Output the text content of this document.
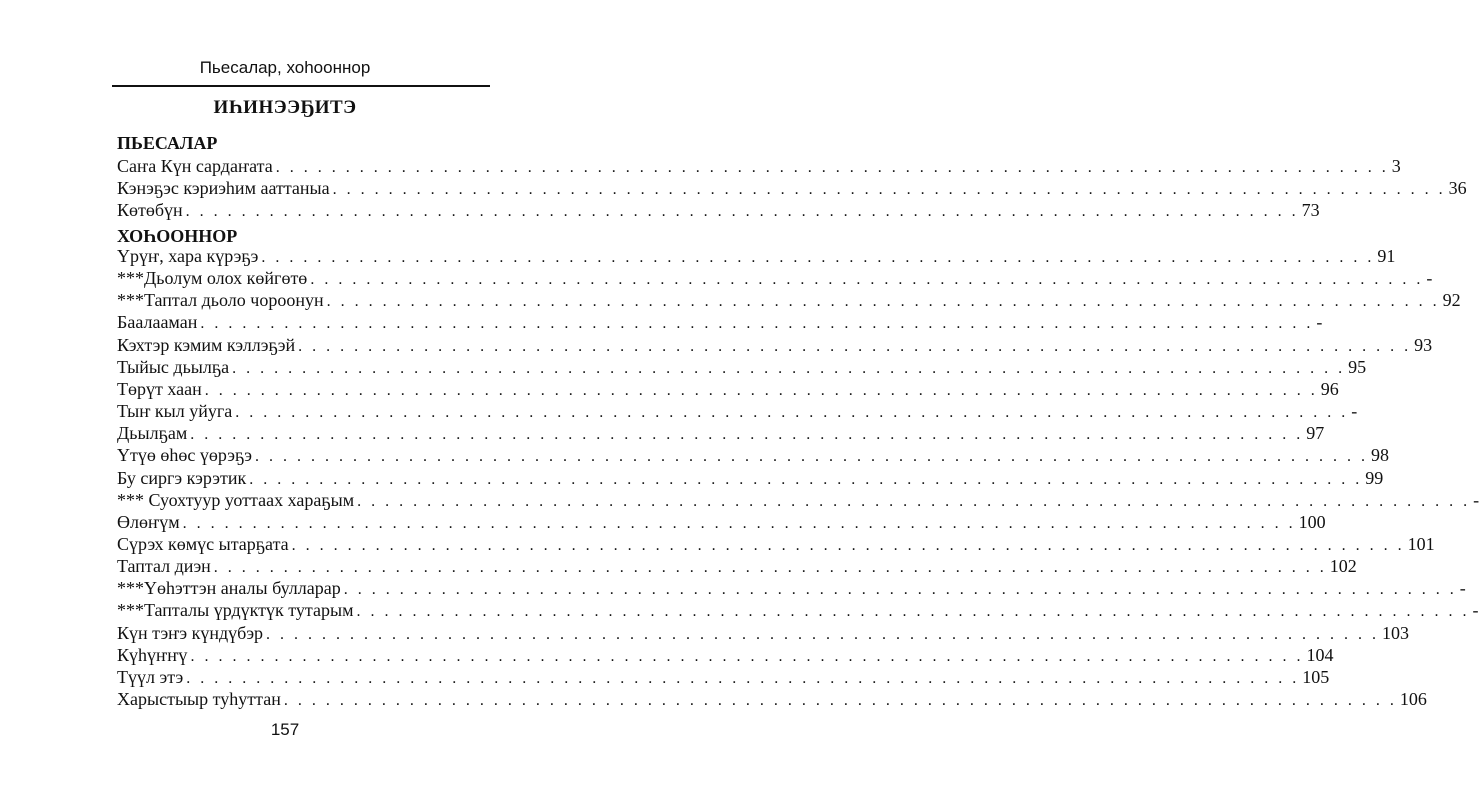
Пьесалар, хоһооннор
ИҺИНЭЭҔИТЭ
ПЬЕСАЛАР
Саҥа Күн сардаҥата . . . . . . . . . . . . . . . . . . . . . . . . . . . . . . . . . . . . . . . . . . . . . . . . . . . . . . . . . . . . . . . . . . . . . . . . . . . . . . . . 3
Кэнэҕэс кэриэһим ааттаныа . . . . . . . . . . . . . . . . . . . . . . . . . . . . . . . . . . . . . . . . . . . . . . . . . . . . . . . . . . . . . . . . . . . . . . . . . . . . . . . . 36
Көтөбүн . . . . . . . . . . . . . . . . . . . . . . . . . . . . . . . . . . . . . . . . . . . . . . . . . . . . . . . . . . . . . . . . . . . . . . . . . . . . . . . . 73
ХОҺООННОР
Үрүҥ, хара күрэҕэ . . . . . . . . . . . . . . . . . . . . . . . . . . . . . . . . . . . . . . . . . . . . . . . . . . . . . . . . . . . . . . . . . . . . . . . . . . . . . . . . 91
***Дьолум олох көйгөтө . . . . . . . . . . . . . . . . . . . . . . . . . . . . . . . . . . . . . . . . . . . . . . . . . . . . . . . . . . . . . . . . . . . . . . . . . . . . . . . . -
***Таптал дьоло чороонун . . . . . . . . . . . . . . . . . . . . . . . . . . . . . . . . . . . . . . . . . . . . . . . . . . . . . . . . . . . . . . . . . . . . . . . . . . . . . . . . 92
Баалааман . . . . . . . . . . . . . . . . . . . . . . . . . . . . . . . . . . . . . . . . . . . . . . . . . . . . . . . . . . . . . . . . . . . . . . . . . . . . . . . . -
Кэхтэр кэмим кэллэҕэй . . . . . . . . . . . . . . . . . . . . . . . . . . . . . . . . . . . . . . . . . . . . . . . . . . . . . . . . . . . . . . . . . . . . . . . . . . . . . . . . 93
Тыйыс дьылҕа . . . . . . . . . . . . . . . . . . . . . . . . . . . . . . . . . . . . . . . . . . . . . . . . . . . . . . . . . . . . . . . . . . . . . . . . . . . . . . . . 95
Төрүт хаан . . . . . . . . . . . . . . . . . . . . . . . . . . . . . . . . . . . . . . . . . . . . . . . . . . . . . . . . . . . . . . . . . . . . . . . . . . . . . . . . 96
Тыҥ кыл уйуга . . . . . . . . . . . . . . . . . . . . . . . . . . . . . . . . . . . . . . . . . . . . . . . . . . . . . . . . . . . . . . . . . . . . . . . . . . . . . . . . -
Дьылҕам . . . . . . . . . . . . . . . . . . . . . . . . . . . . . . . . . . . . . . . . . . . . . . . . . . . . . . . . . . . . . . . . . . . . . . . . . . . . . . . . 97
Үтүө өһөс үөрэҕэ . . . . . . . . . . . . . . . . . . . . . . . . . . . . . . . . . . . . . . . . . . . . . . . . . . . . . . . . . . . . . . . . . . . . . . . . . . . . . . . . 98
Бу сиргэ кэрэтик . . . . . . . . . . . . . . . . . . . . . . . . . . . . . . . . . . . . . . . . . . . . . . . . . . . . . . . . . . . . . . . . . . . . . . . . . . . . . . . . 99
*** Суохтуур уоттаах хараҕым . . . . . . . . . . . . . . . . . . . . . . . . . . . . . . . . . . . . . . . . . . . . . . . . . . . . . . . . . . . . . . . . . . . . . . . . . . . . . . . . -
Өлөҥүм . . . . . . . . . . . . . . . . . . . . . . . . . . . . . . . . . . . . . . . . . . . . . . . . . . . . . . . . . . . . . . . . . . . . . . . . . . . . . . . . 100
Сүрэх көмүс ытарҕата . . . . . . . . . . . . . . . . . . . . . . . . . . . . . . . . . . . . . . . . . . . . . . . . . . . . . . . . . . . . . . . . . . . . . . . . . . . . . . . . 101
Таптал диэн . . . . . . . . . . . . . . . . . . . . . . . . . . . . . . . . . . . . . . . . . . . . . . . . . . . . . . . . . . . . . . . . . . . . . . . . . . . . . . . . 102
***Үөһэттэн аналы булларар . . . . . . . . . . . . . . . . . . . . . . . . . . . . . . . . . . . . . . . . . . . . . . . . . . . . . . . . . . . . . . . . . . . . . . . . . . . . . . . . -
***Тапталы үрдүктүк тутарым . . . . . . . . . . . . . . . . . . . . . . . . . . . . . . . . . . . . . . . . . . . . . . . . . . . . . . . . . . . . . . . . . . . . . . . . . . . . . . . . -
Күн тэҥэ күндүбэр . . . . . . . . . . . . . . . . . . . . . . . . . . . . . . . . . . . . . . . . . . . . . . . . . . . . . . . . . . . . . . . . . . . . . . . . . . . . . . . . 103
Күһүҥҥү . . . . . . . . . . . . . . . . . . . . . . . . . . . . . . . . . . . . . . . . . . . . . . . . . . . . . . . . . . . . . . . . . . . . . . . . . . . . . . . . 104
Түүл этэ . . . . . . . . . . . . . . . . . . . . . . . . . . . . . . . . . . . . . . . . . . . . . . . . . . . . . . . . . . . . . . . . . . . . . . . . . . . . . . . . 105
Харыстыыр туһуттан . . . . . . . . . . . . . . . . . . . . . . . . . . . . . . . . . . . . . . . . . . . . . . . . . . . . . . . . . . . . . . . . . . . . . . . . . . . . . . . . 106
157
